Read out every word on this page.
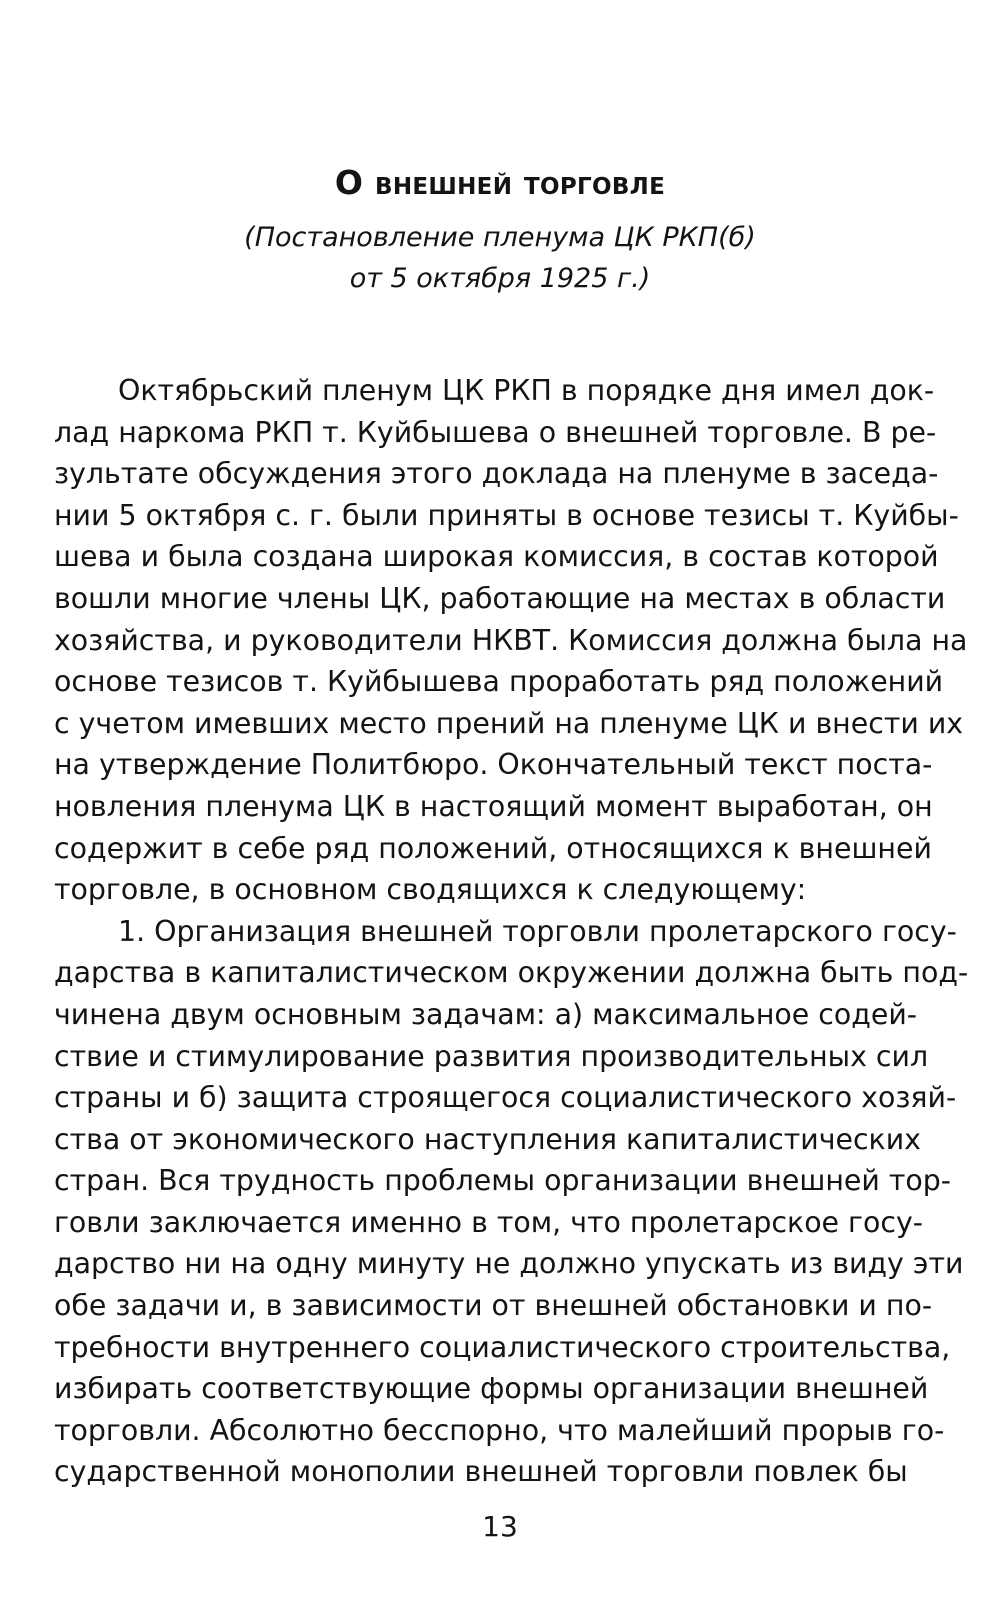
О внешней торговле
(Постановление пленума ЦК РКП(б)
от 5 октября 1925 г.)
Октябрьский пленум ЦК РКП в порядке дня имел док-
лад наркома РКП т. Куйбышева о внешней торговле. В ре-
зультате обсуждения этого доклада на пленуме в заседа-
нии 5 октября с. г. были приняты в основе тезисы т. Куйбы-
шева и была создана широкая комиссия, в состав которой
вошли многие члены ЦК, работающие на местах в области
хозяйства, и руководители НКВТ. Комиссия должна была на
основе тезисов т. Куйбышева проработать ряд положений
с учетом имевших место прений на пленуме ЦК и внести их
на утверждение Политбюро. Окончательный текст поста-
новления пленума ЦК в настоящий момент выработан, он
содержит в себе ряд положений, относящихся к внешней
торговле, в основном сводящихся к следующему:
1. Организация внешней торговли пролетарского госу-
дарства в капиталистическом окружении должна быть под-
чинена двум основным задачам: а) максимальное содей-
ствие и стимулирование развития производительных сил
страны и б) защита строящегося социалистического хозяй-
ства от экономического наступления капиталистических
стран. Вся трудность проблемы организации внешней тор-
говли заключается именно в том, что пролетарское госу-
дарство ни на одну минуту не должно упускать из виду эти
обе задачи и, в зависимости от внешней обстановки и по-
требности внутреннего социалистического строительства,
избирать соответствующие формы организации внешней
торговли. Абсолютно бесспорно, что малейший прорыв го-
сударственной монополии внешней торговли повлек бы
13
